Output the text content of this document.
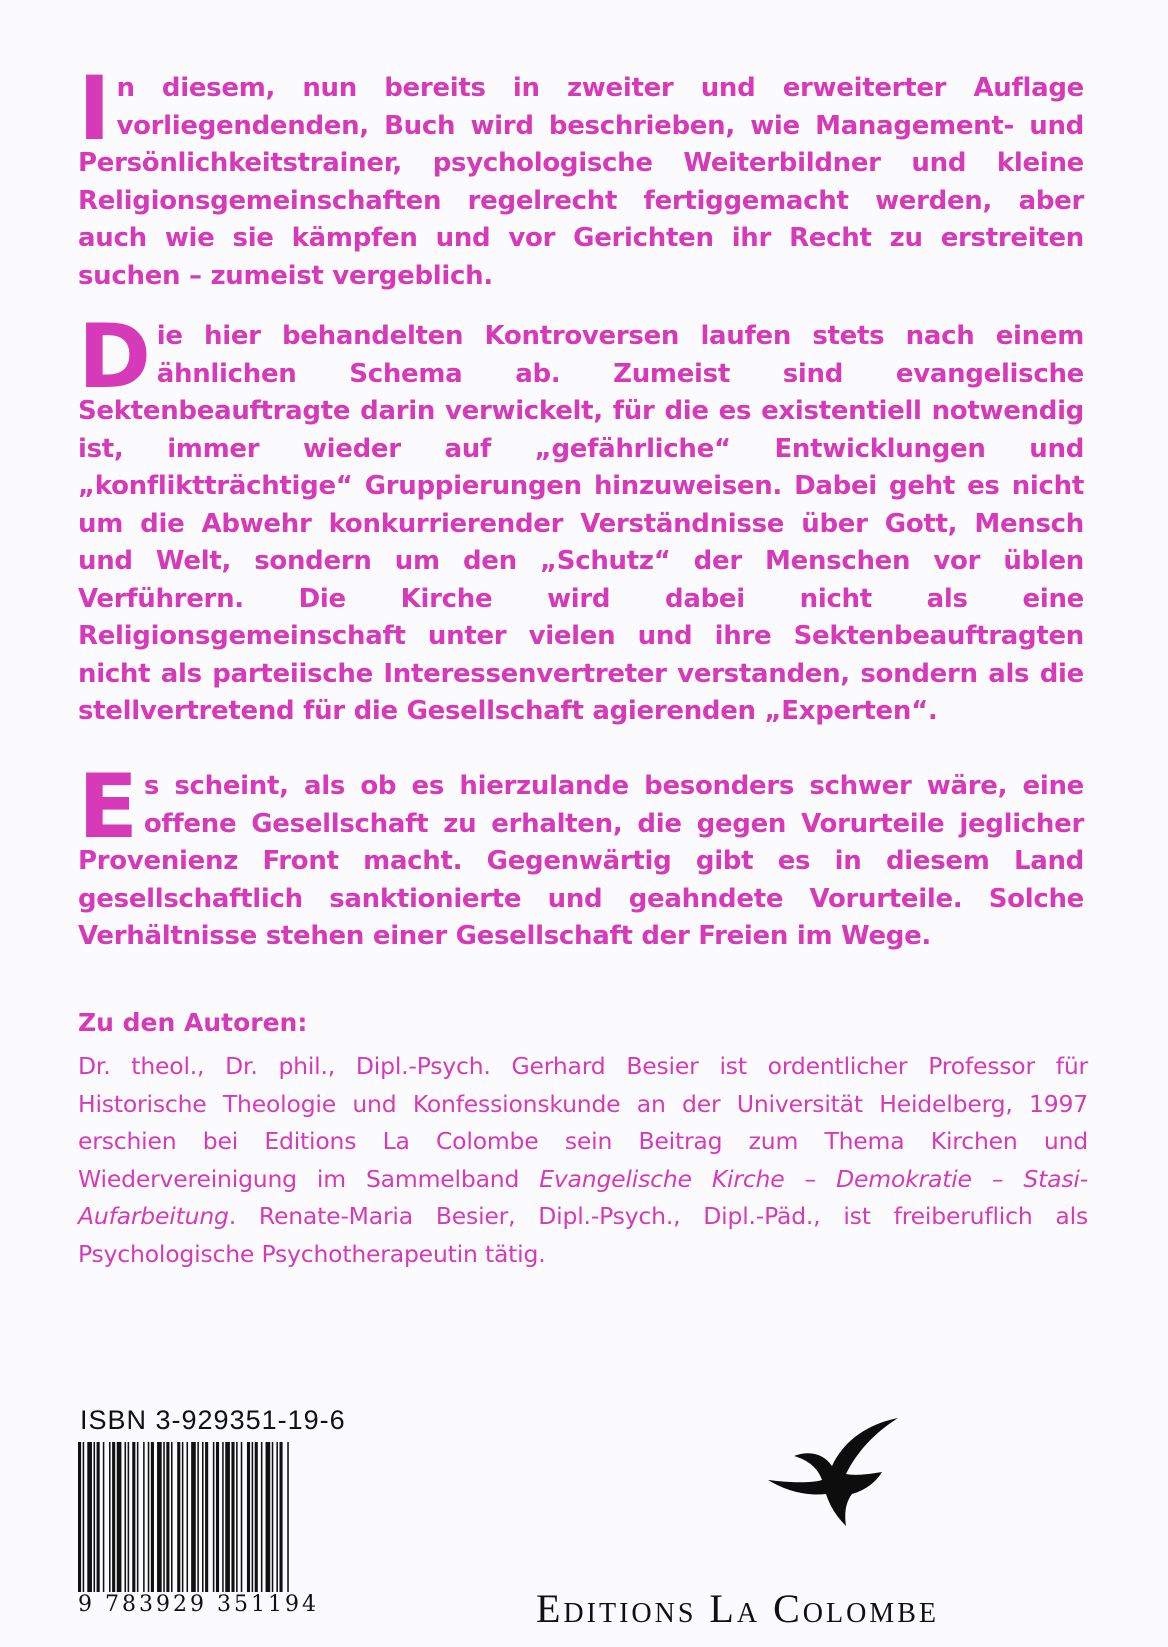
In diesem, nun bereits in zweiter und erweiterter Auflage vorliegendenden, Buch wird beschrieben, wie Management- und Persönlichkeitstrainer, psychologische Weiterbildner und kleine Religionsgemeinschaften regelrecht fertiggemacht werden, aber auch wie sie kämpfen und vor Gerichten ihr Recht zu erstreiten suchen – zumeist vergeblich.
Die hier behandelten Kontroversen laufen stets nach einem ähnlichen Schema ab. Zumeist sind evangelische Sektenbeauftragte darin verwickelt, für die es existentiell notwendig ist, immer wieder auf „gefährliche“ Entwicklungen und „konfliktträchtige“ Gruppierungen hinzuweisen. Dabei geht es nicht um die Abwehr konkurrierender Verständnisse über Gott, Mensch und Welt, sondern um den „Schutz“ der Menschen vor üblen Verführern. Die Kirche wird dabei nicht als eine Religionsgemeinschaft unter vielen und ihre Sektenbeauftragten nicht als parteiische Interessenvertreter verstanden, sondern als die stellvertretend für die Gesellschaft agierenden „Experten“.
Es scheint, als ob es hierzulande besonders schwer wäre, eine offene Gesellschaft zu erhalten, die gegen Vorurteile jeglicher Provenienz Front macht. Gegenwärtig gibt es in diesem Land gesellschaftlich sanktionierte und geahndete Vorurteile. Solche Verhältnisse stehen einer Gesellschaft der Freien im Wege.
Zu den Autoren:
Dr. theol., Dr. phil., Dipl.-Psych. Gerhard Besier ist ordentlicher Professor für Historische Theologie und Konfessionskunde an der Universität Heidelberg, 1997 erschien bei Editions La Colombe sein Beitrag zum Thema Kirchen und Wiedervereinigung im Sammelband Evangelische Kirche – Demokratie – Stasi-Aufarbeitung. Renate-Maria Besier, Dipl.-Psych., Dipl.-Päd., ist freiberuflich als Psychologische Psychotherapeutin tätig.
ISBN 3-929351-19-6
9 783929 351194	Editions La Colombe
